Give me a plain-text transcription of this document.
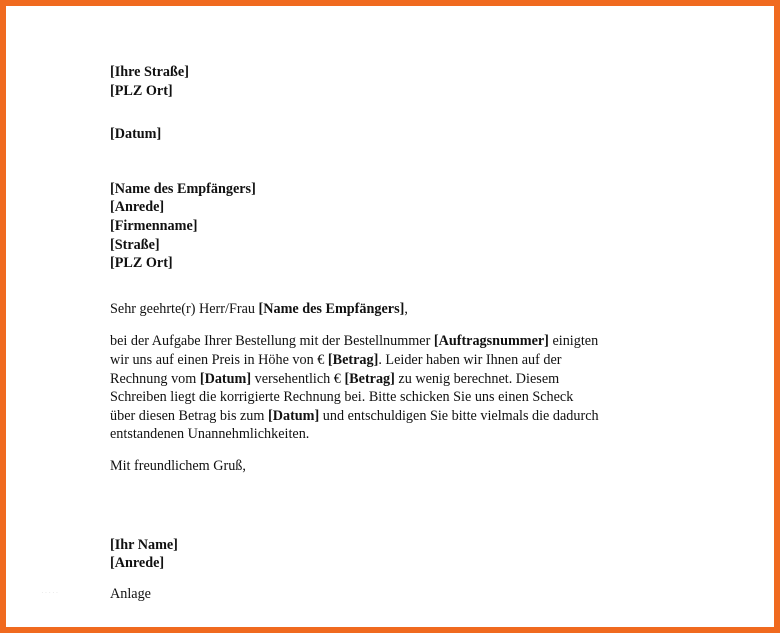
·····
[Ihre Straße]
[PLZ Ort]
[Datum]
[Name des Empfängers]
[Anrede]
[Firmenname]
[Straße]
[PLZ Ort]
Sehr geehrte(r) Herr/Frau [Name des Empfängers],
bei der Aufgabe Ihrer Bestellung mit der Bestellnummer [Auftragsnummer] einigten
wir uns auf einen Preis in Höhe von € [Betrag]. Leider haben wir Ihnen auf der
Rechnung vom [Datum] versehentlich € [Betrag] zu wenig berechnet. Diesem
Schreiben liegt die korrigierte Rechnung bei. Bitte schicken Sie uns einen Scheck
über diesen Betrag bis zum [Datum] und entschuldigen Sie bitte vielmals die dadurch
entstandenen Unannehmlichkeiten.
Mit freundlichem Gruß,
[Ihr Name]
[Anrede]
Anlage
